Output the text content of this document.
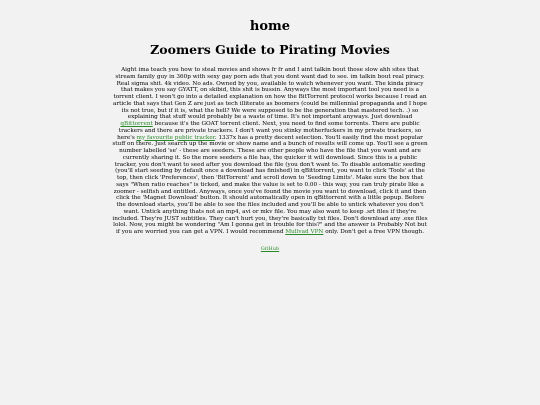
home
Zoomers Guide to Pirating Movies

Aight ima teach you how to steal movies and shows fr fr and I aint talkin bout those slow ahh sites that stream family guy in 360p with sexy gay porn ads that you dont want dad to see. im talkin bout real piracy. Real sigma shit. 4k video. No ads. Owned by you, available to watch whenever you want. The kinda piracy that makes you say GYATT, on skibid, this shit is bussin. Anyways the most important tool you need is a torrent client. I won't go into a detailed explanation on how the BitTorrent protocol works because I read an article that says that Gen Z are just as tech illiterate as boomers (could be millennial propaganda and I hope its not true, but if it is, what the hell? We were supposed to be the generation that mastered tech. .) so explaining that stuff would probably be a waste of time. It's not important anyways. Just download qBittorrent because it's the GOAT torrent client. Next, you need to find some torrents. There are public trackers and there are private trackers. I don't want you stinky motherfuckers in my private trackers, so here's my favourite public tracker. 1337x has a pretty decent selection. You'll easily find the most popular stuff on there. Just search up the movie or show name and a bunch of results will come up. You'll see a green number labelled 'se' - these are seeders. These are other people who have the file that you want and are currently sharing it. So the more seeders a file has, the quicker it will download. Since this is a public tracker, you don't want to seed after you download the file (you don't want to. To disable automatic seeding (you'll start seeding by default once a download has finished) in qBittorrent, you want to click 'Tools' at the top, then click 'Preferences', then 'BitTorrent' and scroll down to 'Seeding Limits'. Make sure the box that says "When ratio reaches" is ticked, and make the value is set to 0.00 - this way, you can truly pirate like a zoomer - selfish and entitled. Anyways, once you've found the movie you want to download, click it and then click the 'Magnet Download' button. It should automatically open in qBittorrent with a little popup. Before the download starts, you'll be able to see the files included and you'll be able to untick whatever you don't want. Untick anything thats not an mp4, avi or mkv file. You may also want to keep .srt files if they're included. They're JUST subtitles. They can't hurt you, they're basically txt files. Don't download any .exe files lolol. Now, you might be wondering "Am I gonna get in trouble for this?" and the answer is Probably Not but if you are worried you can get a VPN. I would recommend Mullvad VPN only. Don't get a free VPN though.

GitHub
